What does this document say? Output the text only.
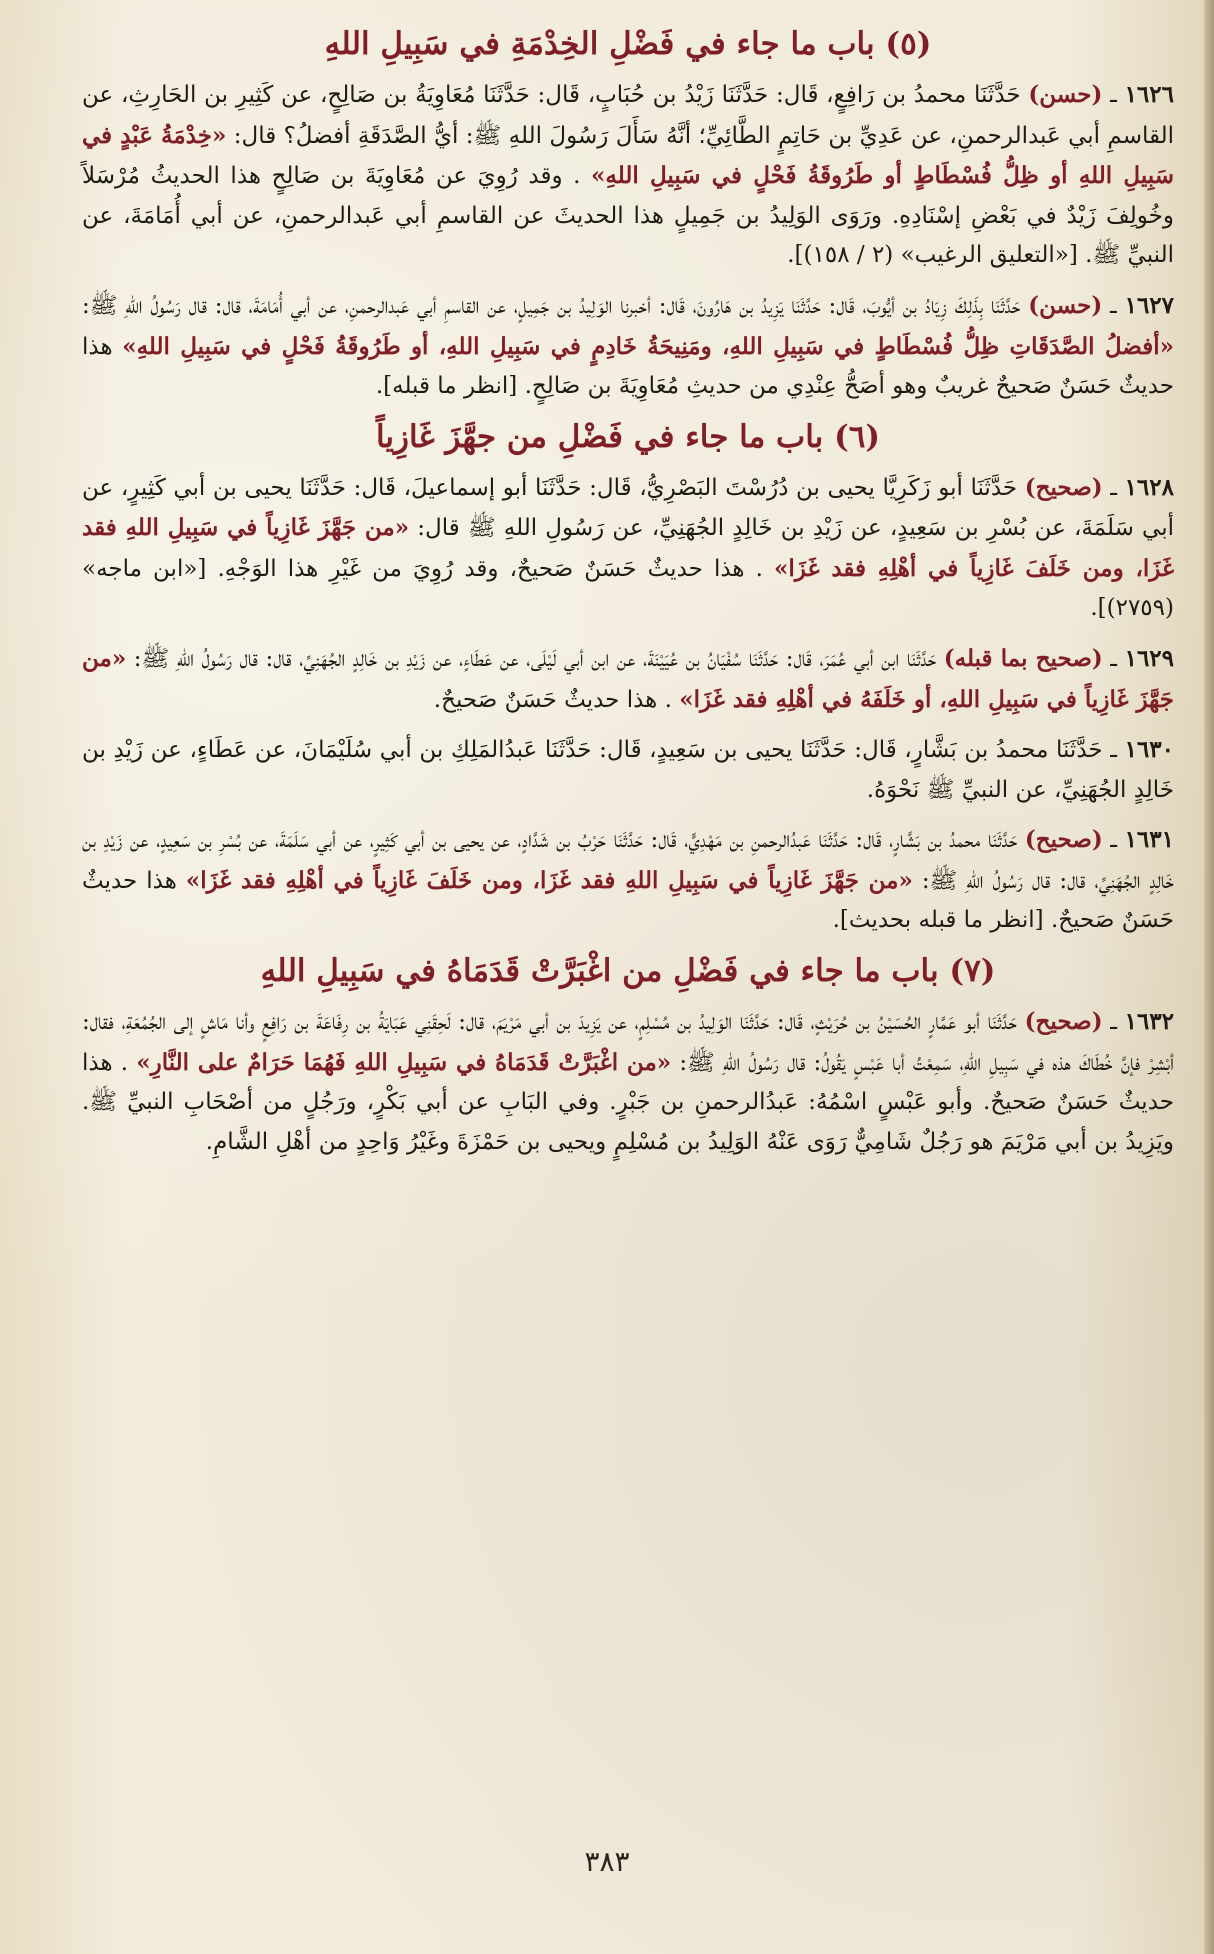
(٥) باب ما جاء في فَضْلِ الخِدْمَةِ في سَبِيلِ اللهِ

١٦٢٦ ـ (حسن) حَدَّثَنَا محمدُ بن رَافِعٍ، قَال: حَدَّثَنَا زَيْدُ بن حُبَابٍ، قَال: حَدَّثَنَا مُعَاوِيَةُ بن صَالِحٍ، عن كَثِيرِ بن الحَارِثِ، عن القاسمِ أبي عَبدالرحمنِ، عن عَدِيِّ بن حَاتِمٍ الطَّائِيِّ؛ أنَّهُ سَأَلَ رَسُولَ اللهِ ﷺ: أيُّ الصَّدَقَةِ أفضلُ؟ قال: «خِدْمَةُ عَبْدٍ في سَبِيلِ اللهِ أو ظِلُّ فُسْطَاطٍ أو طَرُوقَةُ فَحْلٍ في سَبِيلِ اللهِ» . وقد رُوِيَ عن مُعَاوِيَةَ بن صَالِحٍ هذا الحديثُ مُرْسَلاً وخُولِفَ زَيْدٌ في بَعْضِ إسْنَادِهِ. ورَوَى الوَلِيدُ بن جَمِيلٍ هذا الحديثَ عن القاسمِ أبي عَبدالرحمنِ، عن أبي أُمَامَةَ، عن النبيِّ ﷺ. [«التعليق الرغيب» (٢ / ١٥٨)].

١٦٢٧ ـ (حسن) حَدَّثَنَا بِذَلِكَ زِيَادُ بن أيُّوبَ، قَال: حَدَّثَنَا يَزِيدُ بن هَارُونَ، قَال: أخبرنا الوَلِيدُ بن جَمِيلٍ، عن القاسمِ أبي عَبدالرحمنِ، عن أبي أُمَامَةَ، قال: قال رَسُولُ اللهِ ﷺ: «أفضلُ الصَّدَقَاتِ ظِلُّ فُسْطَاطٍ في سَبِيلِ اللهِ، ومَنِيحَةُ خَادِمٍ في سَبِيلِ اللهِ، أو طَرُوقَةُ فَحْلٍ في سَبِيلِ اللهِ» هذا حديثٌ حَسَنٌ صَحيحٌ غريبٌ وهو أصَحُّ عِنْدِي من حديثِ مُعَاوِيَةَ بن صَالِحٍ. [انظر ما قبله].

(٦) باب ما جاء في فَضْلِ من جهَّزَ غَازِياً

١٦٢٨ ـ (صحيح) حَدَّثَنَا أبو زَكَرِيَّا يحيى بن دُرُسْتَ البَصْرِيُّ، قَال: حَدَّثَنَا أبو إسماعيلَ، قَال: حَدَّثَنَا يحيى بن أبي كَثِيرٍ، عن أبي سَلَمَةَ، عن بُسْرِ بن سَعِيدٍ، عن زَيْدِ بن خَالِدٍ الجُهَنِيِّ، عن رَسُولِ اللهِ ﷺ قال: «من جَهَّزَ غَازِياً في سَبِيلِ اللهِ فقد غَزَا، ومن خَلَفَ غَازِياً في أهْلِهِ فقد غَزَا» . هذا حديثٌ حَسَنٌ صَحيحٌ، وقد رُوِيَ من غَيْرِ هذا الوَجْهِ. [«ابن ماجه» (٢٧٥٩)].

١٦٢٩ ـ (صحيح بما قبله) حَدَّثَنَا ابن أبي عُمَرَ، قَال: حَدَّثَنَا سُفْيَانُ بن عُيَيْنَةَ، عن ابن أبي لَيْلَى، عن عَطَاءٍ، عن زَيْدِ بن خَالِدٍ الجُهَنِيِّ، قال: قال رَسُولُ اللهِ ﷺ: «من جَهَّزَ غَازِياً في سَبِيلِ اللهِ، أو خَلَفَهُ في أهْلِهِ فقد غَزَا» . هذا حديثٌ حَسَنٌ صَحيحٌ.

١٦٣٠ ـ حَدَّثَنَا محمدُ بن بَشَّارٍ، قَال: حَدَّثَنَا يحيى بن سَعِيدٍ، قَال: حَدَّثَنَا عَبدُالمَلِكِ بن أبي سُلَيْمَانَ، عن عَطَاءٍ، عن زَيْدِ بن خَالِدٍ الجُهَنِيِّ، عن النبيِّ ﷺ نَحْوَهُ.

١٦٣١ ـ (صحيح) حَدَّثَنَا محمدُ بن بَشَّارٍ، قَال: حَدَّثَنَا عَبدُالرحمنِ بن مَهْدِيٍّ، قَال: حَدَّثَنَا حَرْبُ بن شَدَّادٍ، عن يحيى بن أبي كَثِيرٍ، عن أبي سَلَمَةَ، عن بُسْرِ بن سَعِيدٍ، عن زَيْدِ بن خَالِدٍ الجُهَنِيِّ، قال: قال رَسُولُ اللهِ ﷺ: «من جَهَّزَ غَازِياً في سَبِيلِ اللهِ فقد غَزَا، ومن خَلَفَ غَازِياً في أهْلِهِ فقد غَزَا» هذا حديثٌ حَسَنٌ صَحيحٌ. [انظر ما قبله بحديث].

(٧) باب ما جاء في فَضْلِ من اغْبَرَّتْ قَدَمَاهُ في سَبِيلِ اللهِ

١٦٣٢ ـ (صحيح) حَدَّثَنَا أبو عَمَّارٍ الحُسَيْنُ بن حُرَيْثٍ، قَال: حَدَّثَنَا الوَلِيدُ بن مُسْلِمٍ، عن يَزِيدَ بن أبي مَرْيَمَ، قال: لَحِقَنِي عَبَايَةُ بن رِفَاعَةَ بن رَافِعٍ وأنا مَاشٍ إلى الجُمُعَةِ، فقال: أبْشِرْ فإنَّ خُطَاكَ هذه في سَبِيلِ اللهِ، سَمِعْتُ أبا عَبْسٍ يَقُولُ: قال رَسُولُ اللهِ ﷺ: «من اغْبَرَّتْ قَدَمَاهُ في سَبِيلِ اللهِ فَهُمَا حَرَامٌ على النَّارِ» . هذا حديثٌ حَسَنٌ صَحيحٌ. وأبو عَبْسٍ اسْمُهُ: عَبدُالرحمنِ بن جَبْرٍ. وفي البَابِ عن أبي بَكْرٍ، ورَجُلٍ من أصْحَابِ النبيِّ ﷺ. ويَزِيدُ بن أبي مَرْيَمَ هو رَجُلٌ شَامِيٌّ رَوَى عَنْهُ الوَلِيدُ بن مُسْلِمٍ ويحيى بن حَمْزَةَ وغَيْرُ وَاحِدٍ من أهْلِ الشَّامِ.

٣٨٣
